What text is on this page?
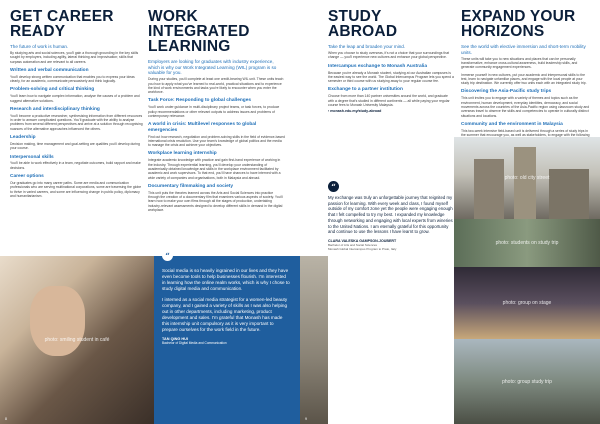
GET CAREER READY
The future of work is human.
By studying arts and social sciences, you'll gain a thorough grounding in the key skills sought by employers, including agility, lateral thinking and improvisation; skills that surpass automation and are relevant to all careers.
Written and verbal communication
You'll develop strong written communication that enables you to express your ideas clearly, for an academic, communicate persuasively and think logically.
Problem-solving and critical thinking
You'll learn how to navigate complex information, analyse the causes of a problem and suggest alternative solutions.
Research and interdisciplinary thinking
You'll become a productive researcher, synthesising information from different resources in order to answer complicated questions. You'll graduate with the ability to analyse problems from several different perspectives and arrive at a solution through recognising nuances of the alternative approaches influenced the others.
Leadership
Decision making, time management and goal-setting are qualities you'll develop during your course.
Interpersonal skills
You'll be able to work effectively in a team, negotiate outcomes, build rapport and make decisions.
Career options
Our graduates go into many career paths. Some are media and communication professionals who are serving multinational corporations, some are traversing the globe to thrive in varied careers, and some are influencing change in public policy, diplomacy and humanitarianism.
WORK INTEGRATED LEARNING
Employers are looking for graduates with industry experience, which is why our Work Integrated Learning (WIL) program is so valuable for you.
During your studies, you'll complete at least one credit-bearing WIL unit. These units teach you how to apply what you've learned to real-world, practical situations and to experience the kind of work environments and tasks you're likely to encounter when you enter the workforce.
Task Force: Responding to global challenges
You'll work under guidance in multi-disciplinary project teams, or task forces, to produce policy recommendations or other relevant outputs to address issues and problems of contemporary relevance.
A world in crisis: Multilevel responses to global emergencies
Find out how research, negotiation and problem-solving skills in the field of evidence-based international crisis resolution. Use your team's knowledge of global politics and the media to manage the crisis and achieve your objectives.
Workplace learning internship
Integrate academic knowledge with practice and gain first-hand experience of working in the industry. Through experiential learning, you'll develop your understanding of academically obtained knowledge and skills in the workplace environment facilitated by academic and work supervisors. To that end, you'll have chances to have interned with a wide variety of companies and organisations, both in Malaysia and abroad.
Documentary filmmaking and society
This unit puts the theories learned across the Arts and Social Sciences into practice through the creation of a documentary film that examines various aspects of society. You'll learn how to make your own films through all the stages of production, undertaking industry-relevant assessments designed to develop different skills in demand in the digital workplace.
STUDY ABROAD
Take the leap and broaden your mind.
When you choose to study overseas, it's not a choice that your surroundings that change — you'll experience new cultures and enhance your global perspective.
Intercampus exchange to Monash Australia
Because you're already a Monash student, studying at our Australian campuses is the easiest way to see the world. The Global Intercampus Program lets you spend a semester or third course with us studying away to your regular course fee.
Exchange to a partner institution
Choose from more than 140 partner universities around the world, and graduate with a degree that's studied in different continents — all while paying your regular course fees to Monash University Malaysia.
› monash.edu.my/study-abroad
“
My exchange was truly an unforgettable journey that reignited my passion for learning. With every week and class, I found myself outside of my comfort zone yet the people were engaging enough that I felt compelled to try my best. I expanded my knowledge through networking and engaging with local experts from wineries to the United Nations. I am eternally grateful for this opportunity and continue to use the lessons I have learnt to grow.
CLARA VALESKA GAMPSON-JOUBERT
Bachelor of Arts and Social Sciences
Monash Global Intercampus Program to Prato, Italy
EXPAND YOUR HORIZONS
See the world with elective immersion and short-term mobility units.
These units will take you to new situations and places that can be personally transformative, enhance cross-cultural awareness, build leadership skills, and generate community engagement experiences.
Immerse yourself in new cultures, put your academic and interpersonal skills to the test, learn to navigate unfamiliar places, and engage with the local people at your study trip destination. We currently offer two units each with an integrated study trip.
Discovering the Asia-Pacific study trips
This unit invites you to engage with a variety of themes and topics such as the environment, human development, everyday identities, democracy, and social movements across the countries of the Asia-Pacific region using classroom study and overseas travel to observe the skills and competencies to operate in culturally distinct situations and locations.
Community and the environment in Malaysia
This two-week intensive field-based unit is delivered through a series of study trips in the summer that encourage you, as well as stakeholders, to engage with the following
photo: smiling student in café
8
“
Social media is so heavily ingrained in our lives and they have even become tools to help businesses flourish. I'm interested in learning how the online realm works, which is why I chose to study digital media and communication.
I interned as a social media strategist for a women-led beauty company, and I gained a variety of skills as I was also helping out in other departments, including marketing, product development and sales. I'm grateful that Monash has made this internship unit compulsory as it is very important to prepare ourselves for the work field in the future.
TAN QING HUI
Bachelor of Digital Media and Communication
9
photo: old city street
photo: students on study trip
photo: group on stage
photo: group study trip
